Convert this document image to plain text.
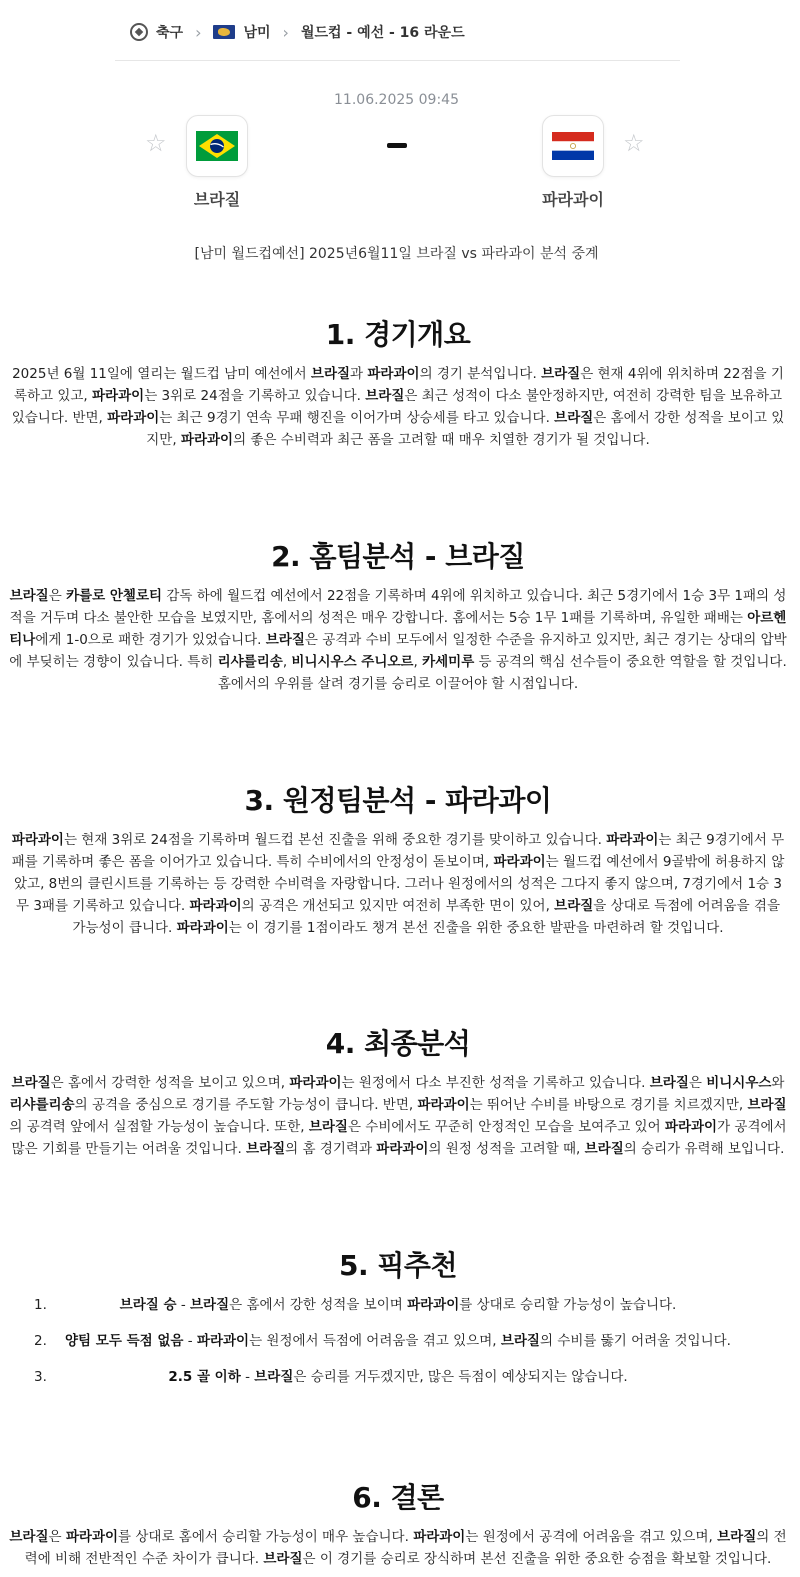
축구 ›	남미 › 월드컵 - 예선 - 16 라운드
11.06.2025 09:45
☆
브라질	파라과이
☆
[남미 월드컵예선] 2025년6월11일 브라질 vs 파라과이 분석 중계
1. 경기개요

2025년 6월 11일에 열리는 월드컵 남미 예선에서 브라질과 파라과이의 경기 분석입니다. 브라질은 현재 4위에 위치하며 22점을 기록하고 있고, 파라과이는 3위로 24점을 기록하고 있습니다. 브라질은 최근 성적이 다소 불안정하지만, 여전히 강력한 팀을 보유하고 있습니다. 반면, 파라과이는 최근 9경기 연속 무패 행진을 이어가며 상승세를 타고 있습니다. 브라질은 홈에서 강한 성적을 보이고 있지만, 파라과이의 좋은 수비력과 최근 폼을 고려할 때 매우 치열한 경기가 될 것입니다.

2. 홈팀분석 - 브라질

브라질은 카를로 안첼로티 감독 하에 월드컵 예선에서 22점을 기록하며 4위에 위치하고 있습니다. 최근 5경기에서 1승 3무 1패의 성적을 거두며 다소 불안한 모습을 보였지만, 홈에서의 성적은 매우 강합니다. 홈에서는 5승 1무 1패를 기록하며, 유일한 패배는 아르헨티나에게 1-0으로 패한 경기가 있었습니다. 브라질은 공격과 수비 모두에서 일정한 수준을 유지하고 있지만, 최근 경기는 상대의 압박에 부딪히는 경향이 있습니다. 특히 리샤를리송, 비니시우스 주니오르, 카세미루 등 공격의 핵심 선수들이 중요한 역할을 할 것입니다. 홈에서의 우위를 살려 경기를 승리로 이끌어야 할 시점입니다.

3. 원정팀분석 - 파라과이

파라과이는 현재 3위로 24점을 기록하며 월드컵 본선 진출을 위해 중요한 경기를 맞이하고 있습니다. 파라과이는 최근 9경기에서 무패를 기록하며 좋은 폼을 이어가고 있습니다. 특히 수비에서의 안정성이 돋보이며, 파라과이는 월드컵 예선에서 9골밖에 허용하지 않았고, 8번의 클린시트를 기록하는 등 강력한 수비력을 자랑합니다. 그러나 원정에서의 성적은 그다지 좋지 않으며, 7경기에서 1승 3무 3패를 기록하고 있습니다. 파라과이의 공격은 개선되고 있지만 여전히 부족한 면이 있어, 브라질을 상대로 득점에 어려움을 겪을 가능성이 큽니다. 파라과이는 이 경기를 1점이라도 챙겨 본선 진출을 위한 중요한 발판을 마련하려 할 것입니다.

4. 최종분석

브라질은 홈에서 강력한 성적을 보이고 있으며, 파라과이는 원정에서 다소 부진한 성적을 기록하고 있습니다. 브라질은 비니시우스와 리샤를리송의 공격을 중심으로 경기를 주도할 가능성이 큽니다. 반면, 파라과이는 뛰어난 수비를 바탕으로 경기를 치르겠지만, 브라질의 공격력 앞에서 실점할 가능성이 높습니다. 또한, 브라질은 수비에서도 꾸준히 안정적인 모습을 보여주고 있어 파라과이가 공격에서 많은 기회를 만들기는 어려울 것입니다. 브라질의 홈 경기력과 파라과이의 원정 성적을 고려할 때, 브라질의 승리가 유력해 보입니다.

5. 픽추천
1.	브라질 승 - 브라질은 홈에서 강한 성적을 보이며 파라과이를 상대로 승리할 가능성이 높습니다.
2. 양팀 모두 득점 없음 - 파라과이는 원정에서 득점에 어려움을 겪고 있으며, 브라질의 수비를 뚫기 어려울 것입니다.
3.	2.5 골 이하 - 브라질은 승리를 거두겠지만, 많은 득점이 예상되지는 않습니다.
6. 결론

브라질은 파라과이를 상대로 홈에서 승리할 가능성이 매우 높습니다. 파라과이는 원정에서 공격에 어려움을 겪고 있으며, 브라질의 전력에 비해 전반적인 수준 차이가 큽니다. 브라질은 이 경기를 승리로 장식하며 본선 진출을 위한 중요한 승점을 확보할 것입니다.
